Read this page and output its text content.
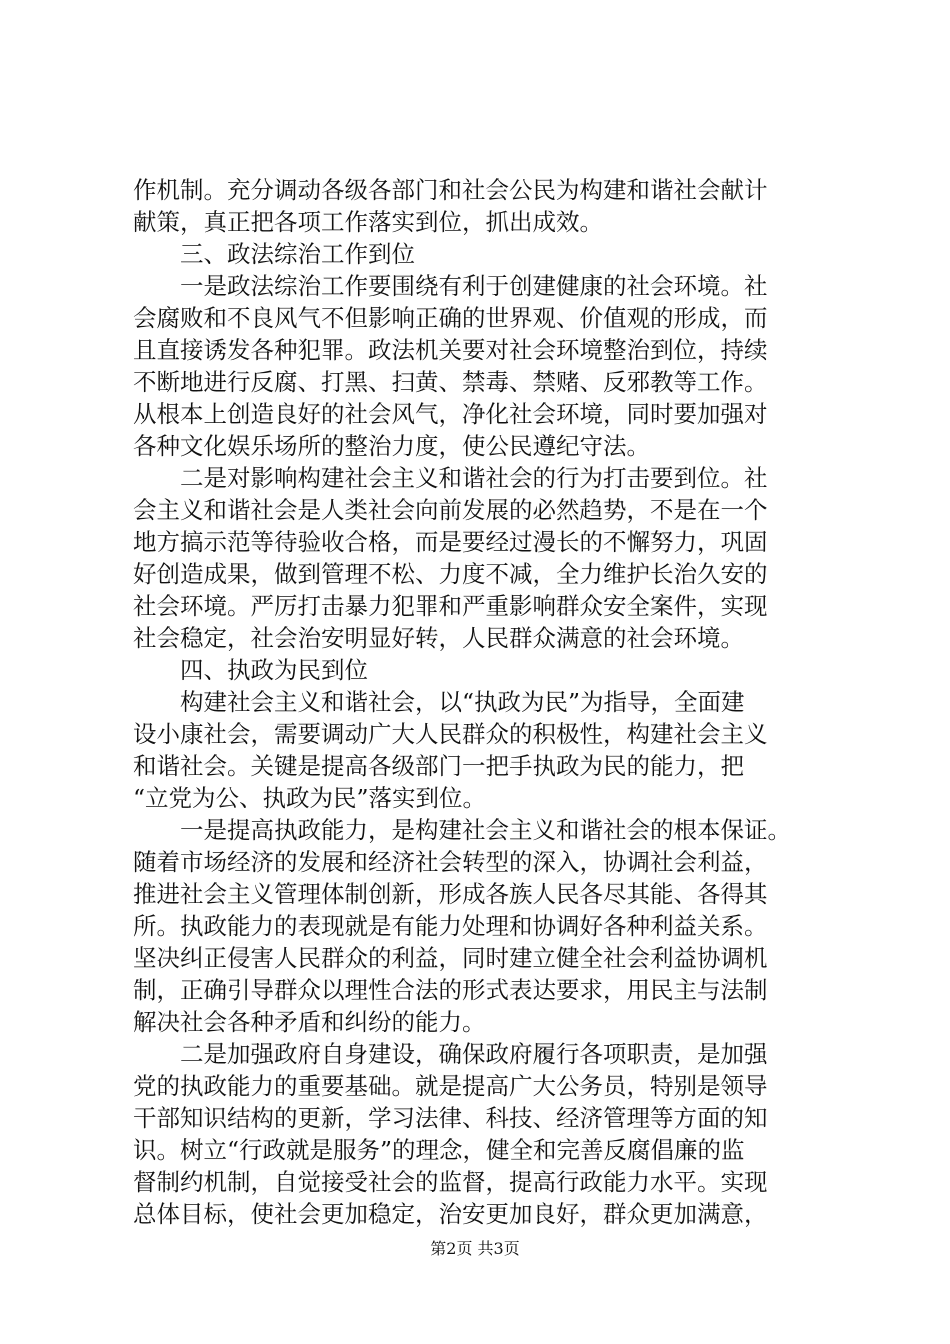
作机制。充分调动各级各部门和社会公民为构建和谐社会献计
献策，真正把各项工作落实到位，抓出成效。
三、政法综治工作到位
一是政法综治工作要围绕有利于创建健康的社会环境。社
会腐败和不良风气不但影响正确的世界观、价值观的形成，而
且直接诱发各种犯罪。政法机关要对社会环境整治到位，持续
不断地进行反腐、打黑、扫黄、禁毒、禁赌、反邪教等工作。
从根本上创造良好的社会风气，净化社会环境，同时要加强对
各种文化娱乐场所的整治力度，使公民遵纪守法。
二是对影响构建社会主义和谐社会的行为打击要到位。社
会主义和谐社会是人类社会向前发展的必然趋势，不是在一个
地方搞示范等待验收合格，而是要经过漫长的不懈努力，巩固
好创造成果，做到管理不松、力度不减，全力维护长治久安的
社会环境。严厉打击暴力犯罪和严重影响群众安全案件，实现
社会稳定，社会治安明显好转，人民群众满意的社会环境。
四、执政为民到位
构建社会主义和谐社会，以“执政为民”为指导，全面建
设小康社会，需要调动广大人民群众的积极性，构建社会主义
和谐社会。关键是提高各级部门一把手执政为民的能力，把
“立党为公、执政为民”落实到位。
一是提高执政能力，是构建社会主义和谐社会的根本保证。
随着市场经济的发展和经济社会转型的深入，协调社会利益，
推进社会主义管理体制创新，形成各族人民各尽其能、各得其
所。执政能力的表现就是有能力处理和协调好各种利益关系。
坚决纠正侵害人民群众的利益，同时建立健全社会利益协调机
制，正确引导群众以理性合法的形式表达要求，用民主与法制
解决社会各种矛盾和纠纷的能力。
二是加强政府自身建设，确保政府履行各项职责，是加强
党的执政能力的重要基础。就是提高广大公务员，特别是领导
干部知识结构的更新，学习法律、科技、经济管理等方面的知
识。树立“行政就是服务”的理念，健全和完善反腐倡廉的监
督制约机制，自觉接受社会的监督，提高行政能力水平。实现
总体目标，使社会更加稳定，治安更加良好，群众更加满意，
第2页 共3页
